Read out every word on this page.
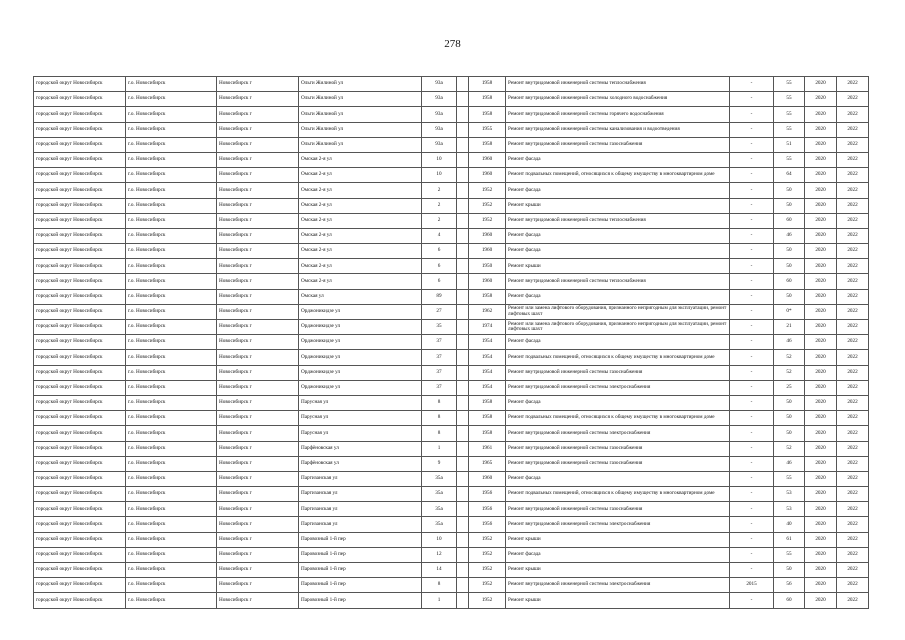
278
городской округ Новосибирск	г.о. Новосибирск	Новосибирск г	Ольги Жилиной ул	93а		1958	Ремонт внутридомовой инженерной системы теплоснабжения	-	55	2020	2022
городской округ Новосибирск	г.о. Новосибирск	Новосибирск г	Ольги Жилиной ул	93а		1958	Ремонт внутридомовой инженерной системы холодного водоснабжения	-	55	2020	2022
городской округ Новосибирск	г.о. Новосибирск	Новосибирск г	Ольги Жилиной ул	93а		1958	Ремонт внутридомовой инженерной системы горячего водоснабжения	-	55	2020	2022
городской округ Новосибирск	г.о. Новосибирск	Новосибирск г	Ольги Жилиной ул	93а		1955	Ремонт внутридомовой инженерной системы канализования и водоотведения	-	55	2020	2022
городской округ Новосибирск	г.о. Новосибирск	Новосибирск г	Ольги Жилиной ул	93а		1958	Ремонт внутридомовой инженерной системы газоснабжения	-	51	2020	2022
городской округ Новосибирск	г.о. Новосибирск	Новосибирск г	Омская 2-я ул	10		1960	Ремонт фасада	-	55	2020	2022
городской округ Новосибирск	г.о. Новосибирск	Новосибирск г	Омская 2-я ул	10		1960	Ремонт подвальных помещений, относящихся к общему имуществу в многоквартирном доме	-	64	2020	2022
городской округ Новосибирск	г.о. Новосибирск	Новосибирск г	Омская 2-я ул	2		1952	Ремонт фасада	-	50	2020	2022
городской округ Новосибирск	г.о. Новосибирск	Новосибирск г	Омская 2-я ул	2		1952	Ремонт крыши	-	50	2020	2022
городской округ Новосибирск	г.о. Новосибирск	Новосибирск г	Омская 2-я ул	2		1952	Ремонт внутридомовой инженерной системы теплоснабжения	-	60	2020	2022
городской округ Новосибирск	г.о. Новосибирск	Новосибирск г	Омская 2-я ул	4		1960	Ремонт фасада	-	46	2020	2022
городской округ Новосибирск	г.о. Новосибирск	Новосибирск г	Омская 2-я ул	6		1960	Ремонт фасада	-	50	2020	2022
городской округ Новосибирск	г.о. Новосибирск	Новосибирск г	Омская 2-я ул	6		1950	Ремонт крыши	-	50	2020	2022
городской округ Новосибирск	г.о. Новосибирск	Новосибирск г	Омская 2-я ул	6		1960	Ремонт внутридомовой инженерной системы теплоснабжения	-	60	2020	2022
городской округ Новосибирск	г.о. Новосибирск	Новосибирск г	Омская ул	89		1958	Ремонт фасада	-	50	2020	2022
городской округ Новосибирск	г.о. Новосибирск	Новосибирск г	Орджоникидзе ул	27		1962	Ремонт или замена лифтового оборудования, признанного непригодным для эксплуатации, ремонт лифтовых шахт	-	0*	2020	2022
городской округ Новосибирск	г.о. Новосибирск	Новосибирск г	Орджоникидзе ул	35		1974	Ремонт или замена лифтового оборудования, признанного непригодным для эксплуатации, ремонт лифтовых шахт	-	21	2020	2022
городской округ Новосибирск	г.о. Новосибирск	Новосибирск г	Орджоникидзе ул	37		1954	Ремонт фасада	-	46	2020	2022
городской округ Новосибирск	г.о. Новосибирск	Новосибирск г	Орджоникидзе ул	37		1954	Ремонт подвальных помещений, относящихся к общему имуществу в многоквартирном доме	-	52	2020	2022
городской округ Новосибирск	г.о. Новосибирск	Новосибирск г	Орджоникидзе ул	37		1954	Ремонт внутридомовой инженерной системы газоснабжения	-	52	2020	2022
городской округ Новосибирск	г.о. Новосибирск	Новосибирск г	Орджоникидзе ул	37		1954	Ремонт внутридомовой инженерной системы электроснабжения	-	25	2020	2022
городской округ Новосибирск	г.о. Новосибирск	Новосибирск г	Парусная ул	8		1958	Ремонт фасада	-	50	2020	2022
городской округ Новосибирск	г.о. Новосибирск	Новосибирск г	Парусная ул	8		1958	Ремонт подвальных помещений, относящихся к общему имуществу в многоквартирном доме	-	50	2020	2022
городской округ Новосибирск	г.о. Новосибирск	Новосибирск г	Парусная ул	8		1958	Ремонт внутридомовой инженерной системы электроснабжения	-	50	2020	2022
городской округ Новосибирск	г.о. Новосибирск	Новосибирск г	Парфёновская ул	1		1961	Ремонт внутридомовой инженерной системы газоснабжения	-	52	2020	2022
городской округ Новосибирск	г.о. Новосибирск	Новосибирск г	Парфёновская ул	9		1965	Ремонт внутридомовой инженерной системы газоснабжения	-	46	2020	2022
городской округ Новосибирск	г.о. Новосибирск	Новосибирск г	Партизанская ул	35а		1960	Ремонт фасада	-	55	2020	2022
городской округ Новосибирск	г.о. Новосибирск	Новосибирск г	Партизанская ул	35а		1956	Ремонт подвальных помещений, относящихся к общему имуществу в многоквартирном доме	-	53	2020	2022
городской округ Новосибирск	г.о. Новосибирск	Новосибирск г	Партизанская ул	35а		1956	Ремонт внутридомовой инженерной системы газоснабжения	-	53	2020	2022
городской округ Новосибирск	г.о. Новосибирск	Новосибирск г	Партизанская ул	35а		1956	Ремонт внутридомовой инженерной системы электроснабжения	-	40	2020	2022
городской округ Новосибирск	г.о. Новосибирск	Новосибирск г	Паровозный 1-й пер	10		1952	Ремонт крыши	-	61	2020	2022
городской округ Новосибирск	г.о. Новосибирск	Новосибирск г	Паровозный 1-й пер	12		1952	Ремонт фасада	-	55	2020	2022
городской округ Новосибирск	г.о. Новосибирск	Новосибирск г	Паровозный 1-й пер	14		1952	Ремонт крыши	-	50	2020	2022
городской округ Новосибирск	г.о. Новосибирск	Новосибирск г	Паровозный 1-й пер	8		1952	Ремонт внутридомовой инженерной системы электроснабжения	2015	56	2020	2022
городской округ Новосибирск	г.о. Новосибирск	Новосибирск г	Паровозный 1-й пер	1		1952	Ремонт крыши	-	60	2020	2022
